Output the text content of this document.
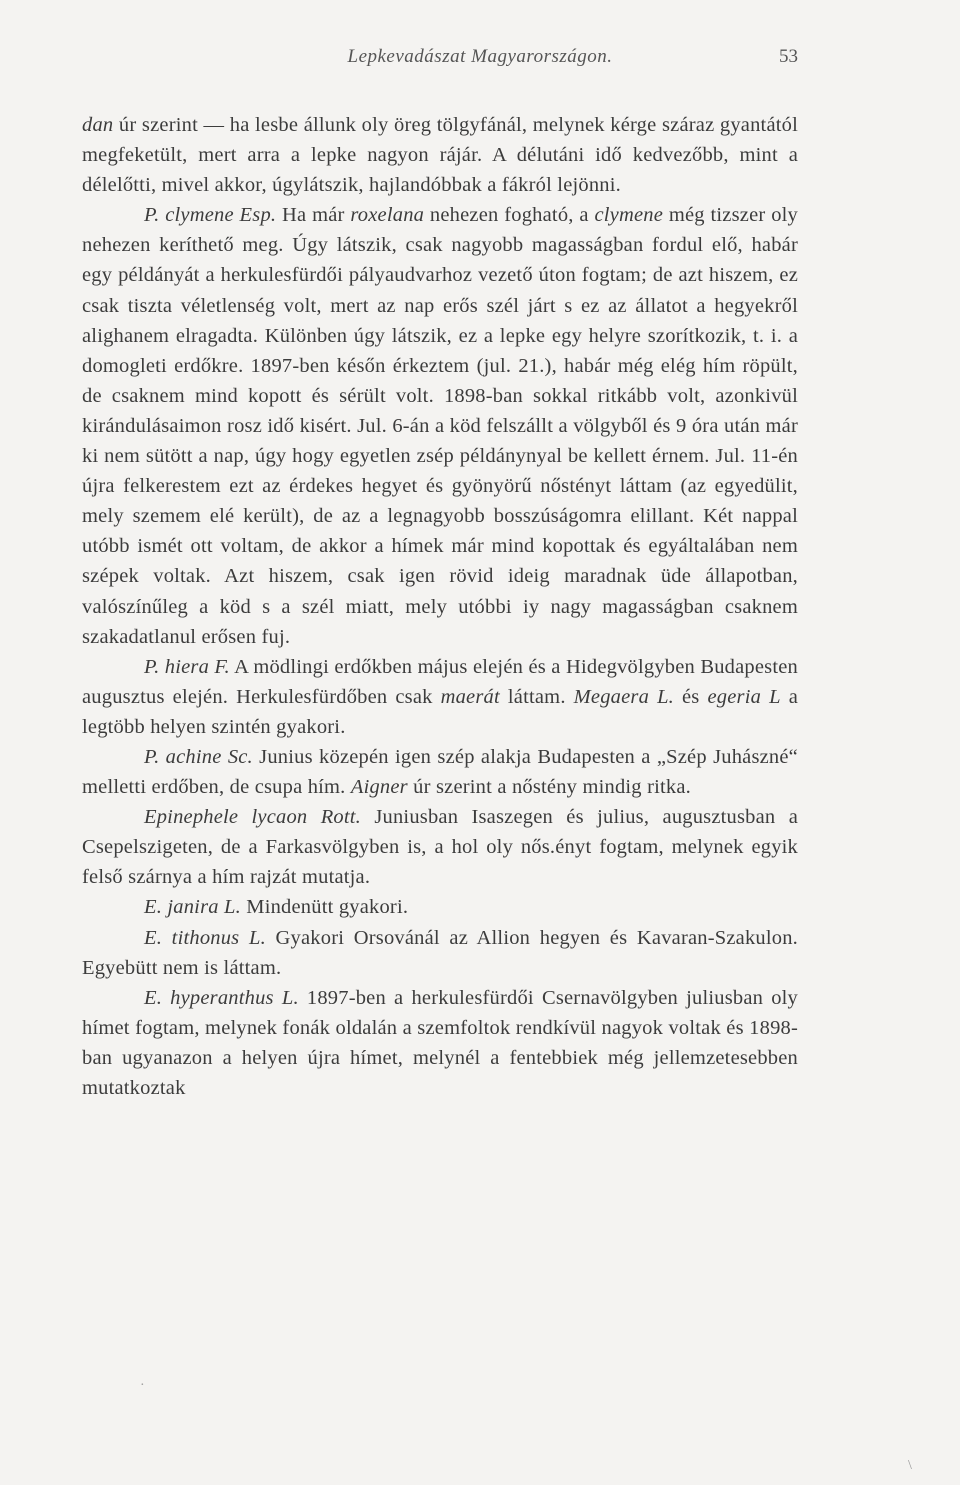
Lepkevadászat Magyarországon.	53

dan úr szerint — ha lesbe állunk oly öreg tölgyfánál, melynek kérge száraz gyantától megfeketült, mert arra a lepke nagyon rájár. A délutáni idő kedvezőbb, mint a délelőtti, mivel akkor, úgylátszik, hajlandóbbak a fákról lejönni.

P. clymene Esp. Ha már roxelana nehezen fogható, a clymene még tizszer oly nehezen keríthető meg. Úgy látszik, csak nagyobb magasságban fordul elő, habár egy példányát a herkulesfürdői pályaudvarhoz vezető úton fogtam; de azt hiszem, ez csak tiszta véletlenség volt, mert az nap erős szél járt s ez az állatot a hegyekről alighanem elragadta. Különben úgy látszik, ez a lepke egy helyre szorítkozik, t. i. a domogleti erdőkre. 1897-ben későn érkeztem (jul. 21.), habár még elég hím röpült, de csaknem mind kopott és sérült volt. 1898-ban sokkal ritkább volt, azonkivül kirándulásaimon rosz idő kisért. Jul. 6-án a köd felszállt a völgyből és 9 óra után már ki nem sütött a nap, úgy hogy egyetlen zsép példánynyal be kellett érnem. Jul. 11-én újra felkerestem ezt az érdekes hegyet és gyönyörű nőstényt láttam (az egyedülit, mely szemem elé került), de az a legnagyobb bosszúságomra elillant. Két nappal utóbb ismét ott voltam, de akkor a hímek már mind kopottak és egyáltalában nem szépek voltak. Azt hiszem, csak igen rövid ideig maradnak üde állapotban, valószínűleg a köd s a szél miatt, mely utóbbi iy nagy magasságban csaknem szakadatlanul erősen fuj.

P. hiera F. A mödlingi erdőkben május elején és a Hidegvölgyben Budapesten augusztus elején. Herkulesfürdőben csak maerát láttam. Megaera L. és egeria L a legtöbb helyen szintén gyakori.

P. achine Sc. Junius közepén igen szép alakja Budapesten a „Szép Juhászné“ melletti erdőben, de csupa hím. Aigner úr szerint a nőstény mindig ritka.

Epinephele lycaon Rott. Juniusban Isaszegen és julius, augusztusban a Csepelszigeten, de a Farkasvölgyben is, a hol oly nős.ényt fogtam, melynek egyik felső szárnya a hím rajzát mutatja.

E. janira L. Mindenütt gyakori.

E. tithonus L. Gyakori Orsovánál az Allion hegyen és Kavaran-Szakulon. Egyebütt nem is láttam.

E. hyperanthus L. 1897-ben a herkulesfürdői Csernavölgyben juliusban oly hímet fogtam, melynek fonák oldalán a szemfoltok rendkívül nagyok voltak és 1898-ban ugyanazon a helyen újra hímet, melynél a fentebbiek még jellemzetesebben mutatkoztak

·
\
